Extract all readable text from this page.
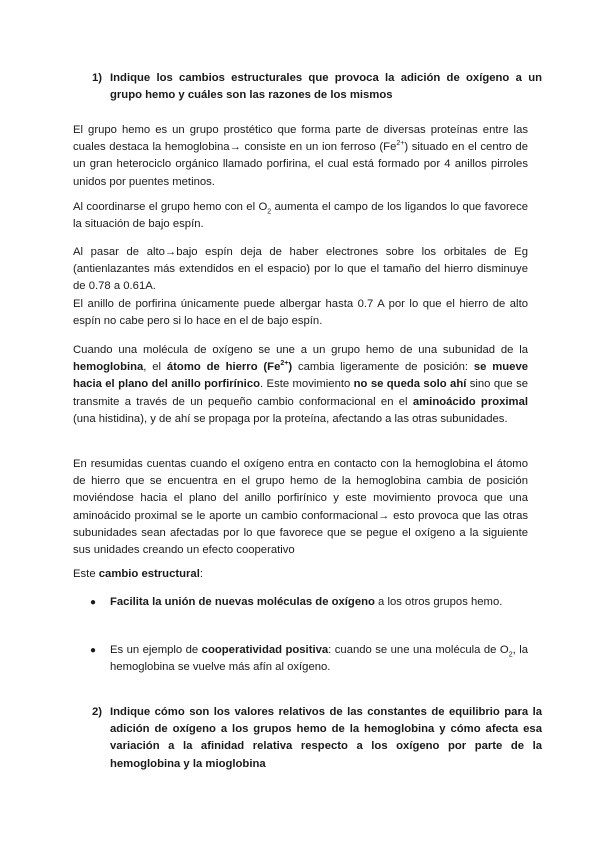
1) Indique los cambios estructurales que provoca la adición de oxígeno a un grupo hemo y cuáles son las razones de los mismos

El grupo hemo es un grupo prostético que forma parte de diversas proteínas entre las cuales destaca la hemoglobina→ consiste en un ion ferroso $(Fe^{2+})$ situado en el centro de un gran heterociclo orgánico llamado porfirina, el cual está formado por 4 anillos pirroles unidos por puentes metinos.

Al coordinarse el grupo hemo con el $O_2$ aumenta el campo de los ligandos lo que favorece la situación de bajo espín.

Al pasar de alto→bajo espín deja de haber electrones sobre los orbitales de Eg (antienlazantes más extendidos en el espacio) por lo que el tamaño del hierro disminuye de 0.78 a 0.61A.
El anillo de porfirina únicamente puede albergar hasta 0.7 A por lo que el hierro de alto espín no cabe pero si lo hace en el de bajo espín.

Cuando una molécula de oxígeno se une a un grupo hemo de una subunidad de la hemoglobina, el átomo de hierro $(Fe^{2+})$ cambia ligeramente de posición: se mueve hacia el plano del anillo porfirínico. Este movimiento no se queda solo ahí sino que se transmite a través de un pequeño cambio conformacional en el aminoácido proximal (una histidina), y de ahí se propaga por la proteína, afectando a las otras subunidades.

En resumidas cuentas cuando el oxígeno entra en contacto con la hemoglobina el átomo de hierro que se encuentra en el grupo hemo de la hemoglobina cambia de posición moviéndose hacia el plano del anillo porfirínico y este movimiento provoca que una aminoácido proximal se le aporte un cambio conformacional→ esto provoca que las otras subunidades sean afectadas por lo que favorece que se pegue el oxígeno a la siguiente sus unidades creando un efecto cooperativo

Este cambio estructural:

●	Facilita la unión de nuevas moléculas de oxígeno a los otros grupos hemo.
●	Es un ejemplo de cooperatividad positiva: cuando se une una molécula de $O_2$, la hemoglobina se vuelve más afín al oxígeno.
2) Indique cómo son los valores relativos de las constantes de equilibrio para la adición de oxígeno a los grupos hemo de la hemoglobina y cómo afecta esa variación a la afinidad relativa respecto a los oxígeno por parte de la hemoglobina y la mioglobina
